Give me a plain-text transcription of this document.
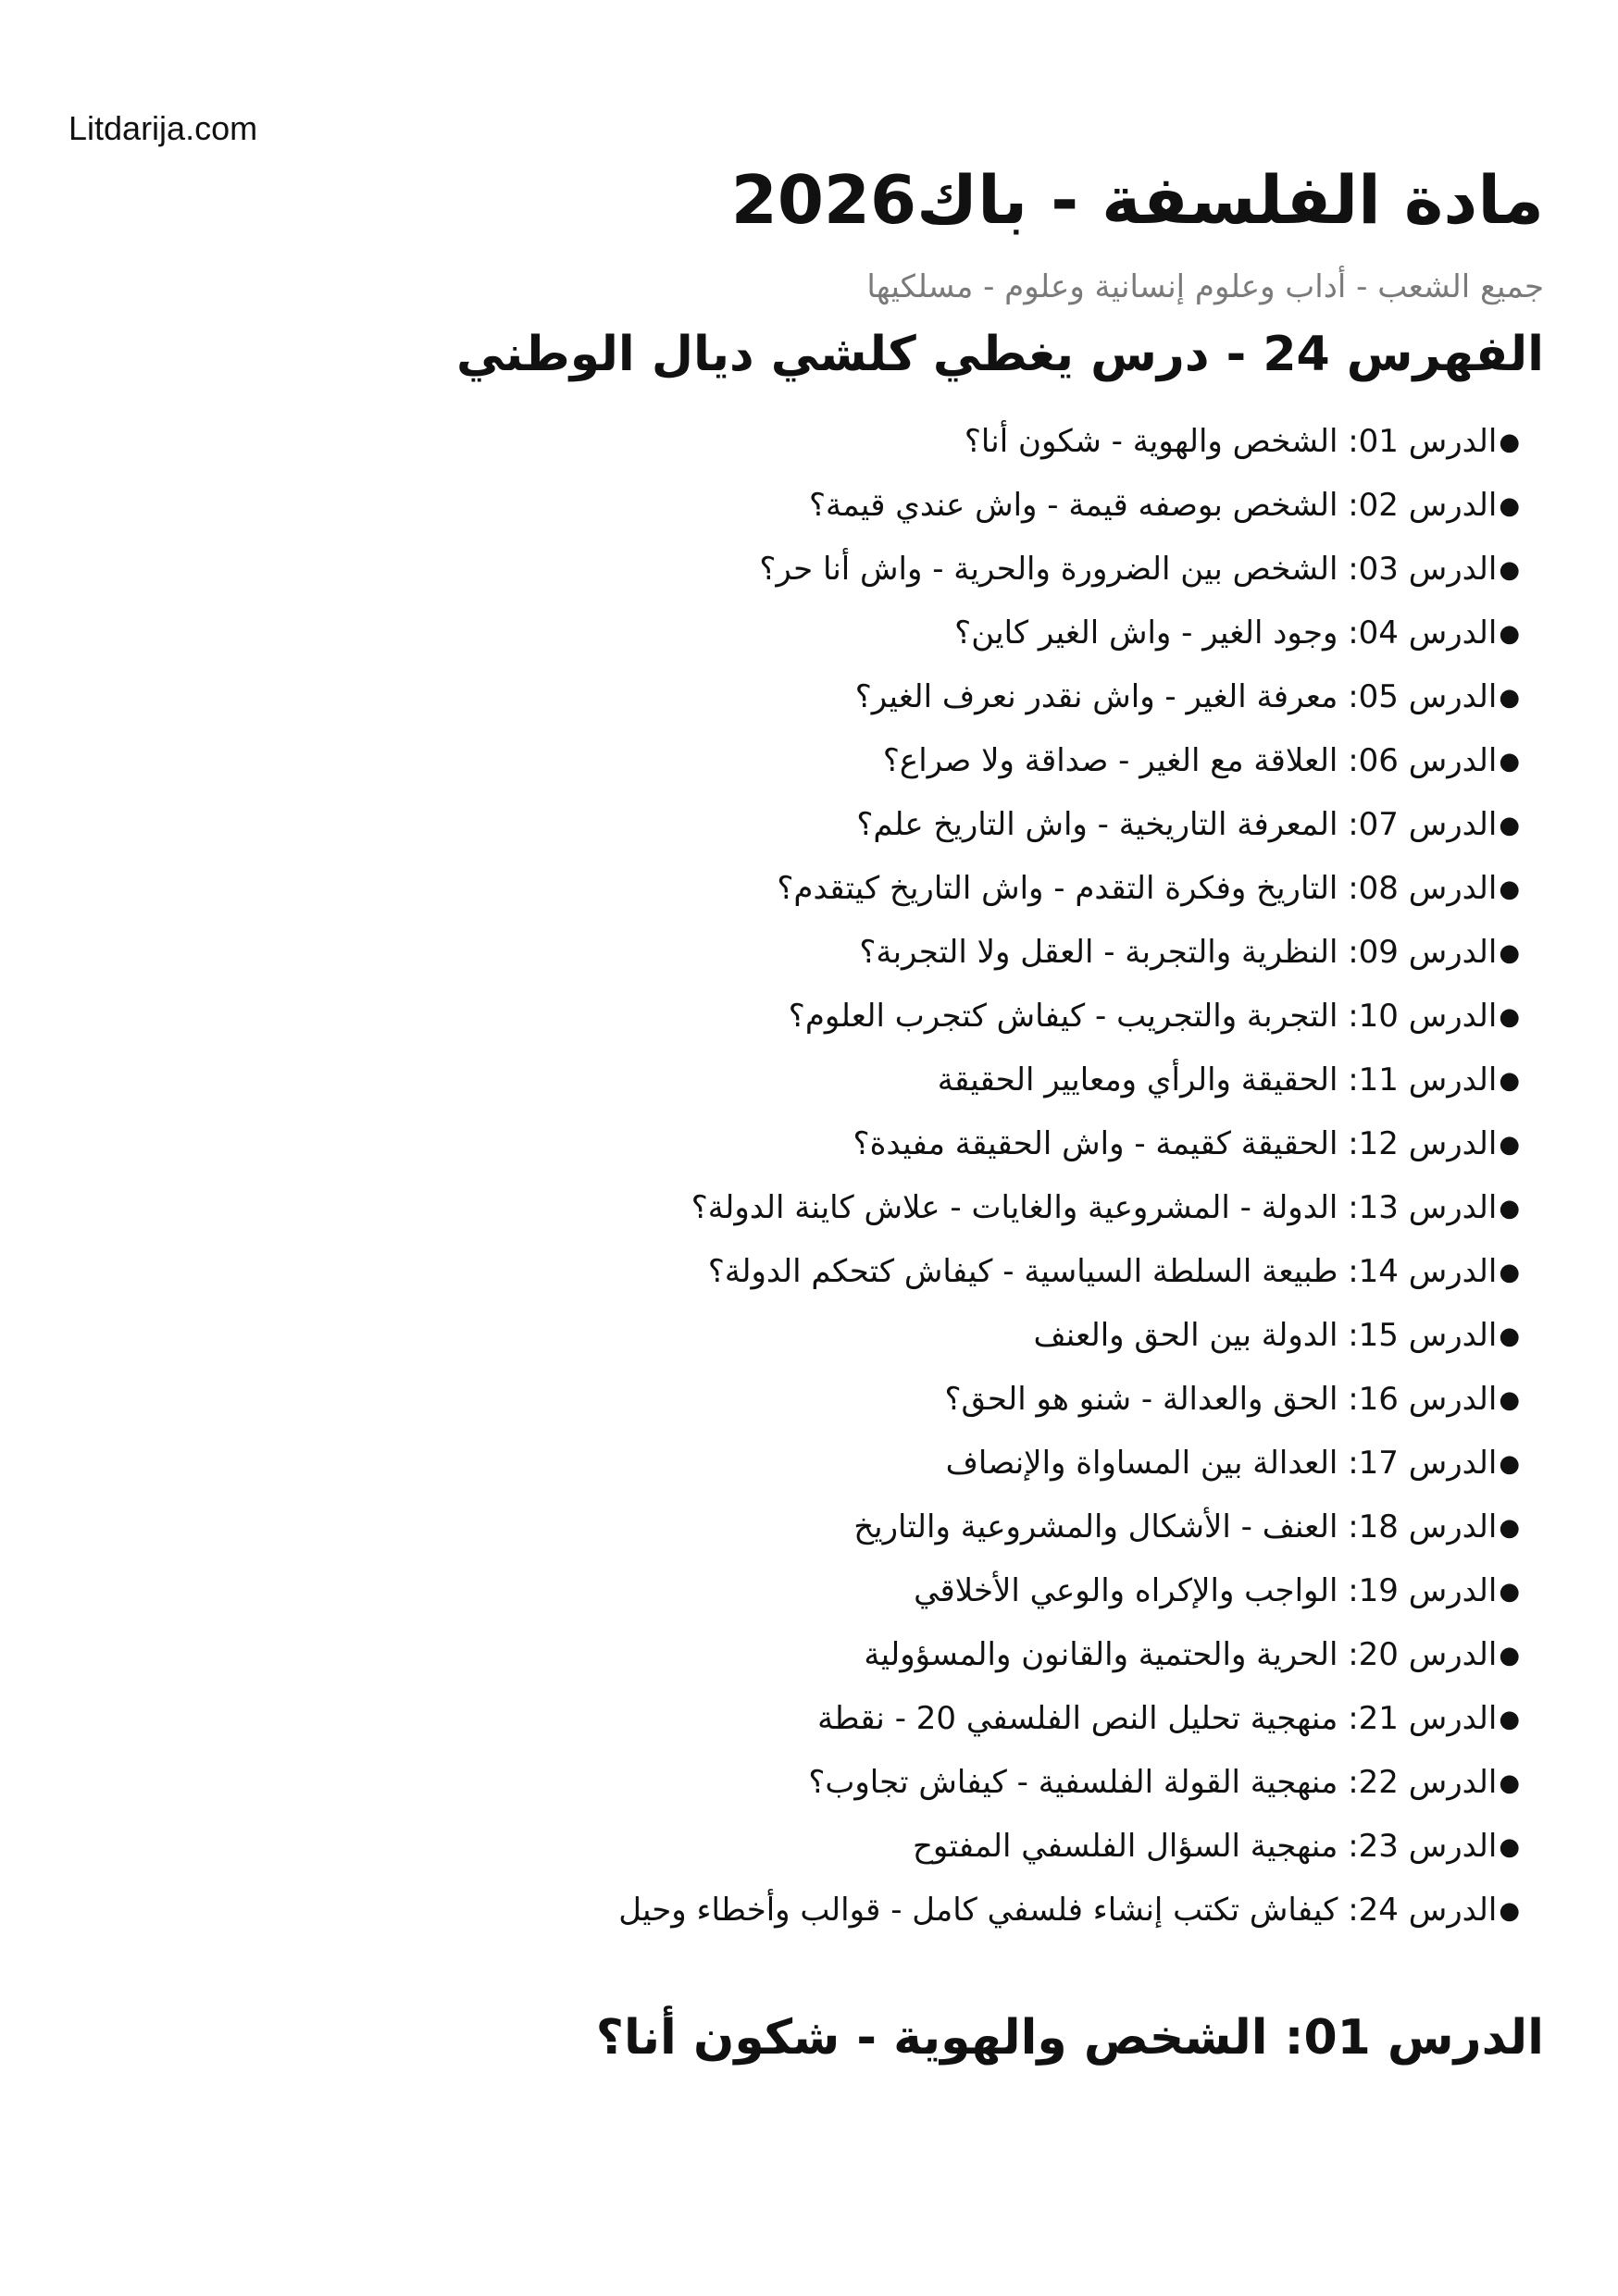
Litdarija.com
مادة الفلسفة - باك2026

جميع الشعب - أداب وعلوم إنسانية وعلوم - مسلكيها

الفهرس 24 - درس يغطي كلشي ديال الوطني
●الدرس 01: الشخص والهوية - شكون أنا؟
●الدرس 02: الشخص بوصفه قيمة - واش عندي قيمة؟
●الدرس 03: الشخص بين الضرورة والحرية - واش أنا حر؟
●الدرس 04: وجود الغير - واش الغير كاين؟
●الدرس 05: معرفة الغير - واش نقدر نعرف الغير؟
●الدرس 06: العلاقة مع الغير - صداقة ولا صراع؟
●الدرس 07: المعرفة التاريخية - واش التاريخ علم؟
●الدرس 08: التاريخ وفكرة التقدم - واش التاريخ كيتقدم؟
●الدرس 09: النظرية والتجربة - العقل ولا التجربة؟
●الدرس 10: التجربة والتجريب - كيفاش كتجرب العلوم؟
●الدرس 11: الحقيقة والرأي ومعايير الحقيقة
●الدرس 12: الحقيقة كقيمة - واش الحقيقة مفيدة؟
●الدرس 13: الدولة - المشروعية والغايات - علاش كاينة الدولة؟
●الدرس 14: طبيعة السلطة السياسية - كيفاش كتحكم الدولة؟
●الدرس 15: الدولة بين الحق والعنف
●الدرس 16: الحق والعدالة - شنو هو الحق؟
●الدرس 17: العدالة بين المساواة والإنصاف
●الدرس 18: العنف - الأشكال والمشروعية والتاريخ
●الدرس 19: الواجب والإكراه والوعي الأخلاقي
●الدرس 20: الحرية والحتمية والقانون والمسؤولية
●الدرس 21: منهجية تحليل النص الفلسفي 20 - نقطة
●الدرس 22: منهجية القولة الفلسفية - كيفاش تجاوب؟
●الدرس 23: منهجية السؤال الفلسفي المفتوح
●الدرس 24: كيفاش تكتب إنشاء فلسفي كامل - قوالب وأخطاء وحيل
الدرس 01: الشخص والهوية - شكون أنا؟
